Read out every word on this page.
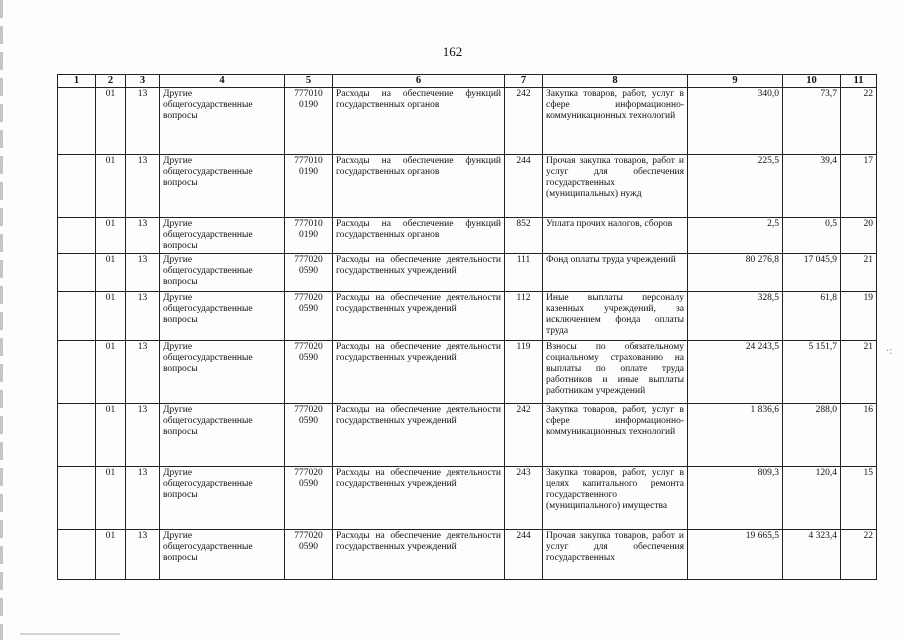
162
1	2	3	4	5	6	7	8	9	10	11
	01	13	Другие общегосударственные вопросы	777010 0190	Расходы на обеспечение функций государственных органов	242	Закупка товаров, работ, услуг в сфере информационно-коммуникационных технологий	340,0	73,7	22
	01	13	Другие общегосударственные вопросы	777010 0190	Расходы на обеспечение функций государственных органов	244	Прочая закупка товаров, работ и услуг для обеспечения государственных (муниципальных) нужд	225,5	39,4	17
	01	13	Другие общегосударственные вопросы	777010 0190	Расходы на обеспечение функций государственных органов	852	Уплата прочих налогов, сборов	2,5	0,5	20
	01	13	Другие общегосударственные вопросы	777020 0590	Расходы на обеспечение деятельности государственных учреждений	111	Фонд оплаты труда учреждений	80 276,8	17 045,9	21
	01	13	Другие общегосударственные вопросы	777020 0590	Расходы на обеспечение деятельности государственных учреждений	112	Иные выплаты персоналу казенных учреждений, за исключением фонда оплаты труда	328,5	61,8	19
	01	13	Другие общегосударственные вопросы	777020 0590	Расходы на обеспечение деятельности государственных учреждений	119	Взносы по обязательному социальному страхованию на выплаты по оплате труда работников и иные выплаты работникам учреждений	24 243,5	5 151,7	21
	01	13	Другие общегосударственные вопросы	777020 0590	Расходы на обеспечение деятельности государственных учреждений	242	Закупка товаров, работ, услуг в сфере информационно-коммуникационных технологий	1 836,6	288,0	16
	01	13	Другие общегосударственные вопросы	777020 0590	Расходы на обеспечение деятельности государственных учреждений	243	Закупка товаров, работ, услуг в целях капитального ремонта государственного (муниципального) имущества	809,3	120,4	15
	01	13	Другие общегосударственные вопросы	777020 0590	Расходы на обеспечение деятельности государственных учреждений	244	Прочая закупка товаров, работ и услуг для обеспечения государственных	19 665,5	4 323,4	22
·:
